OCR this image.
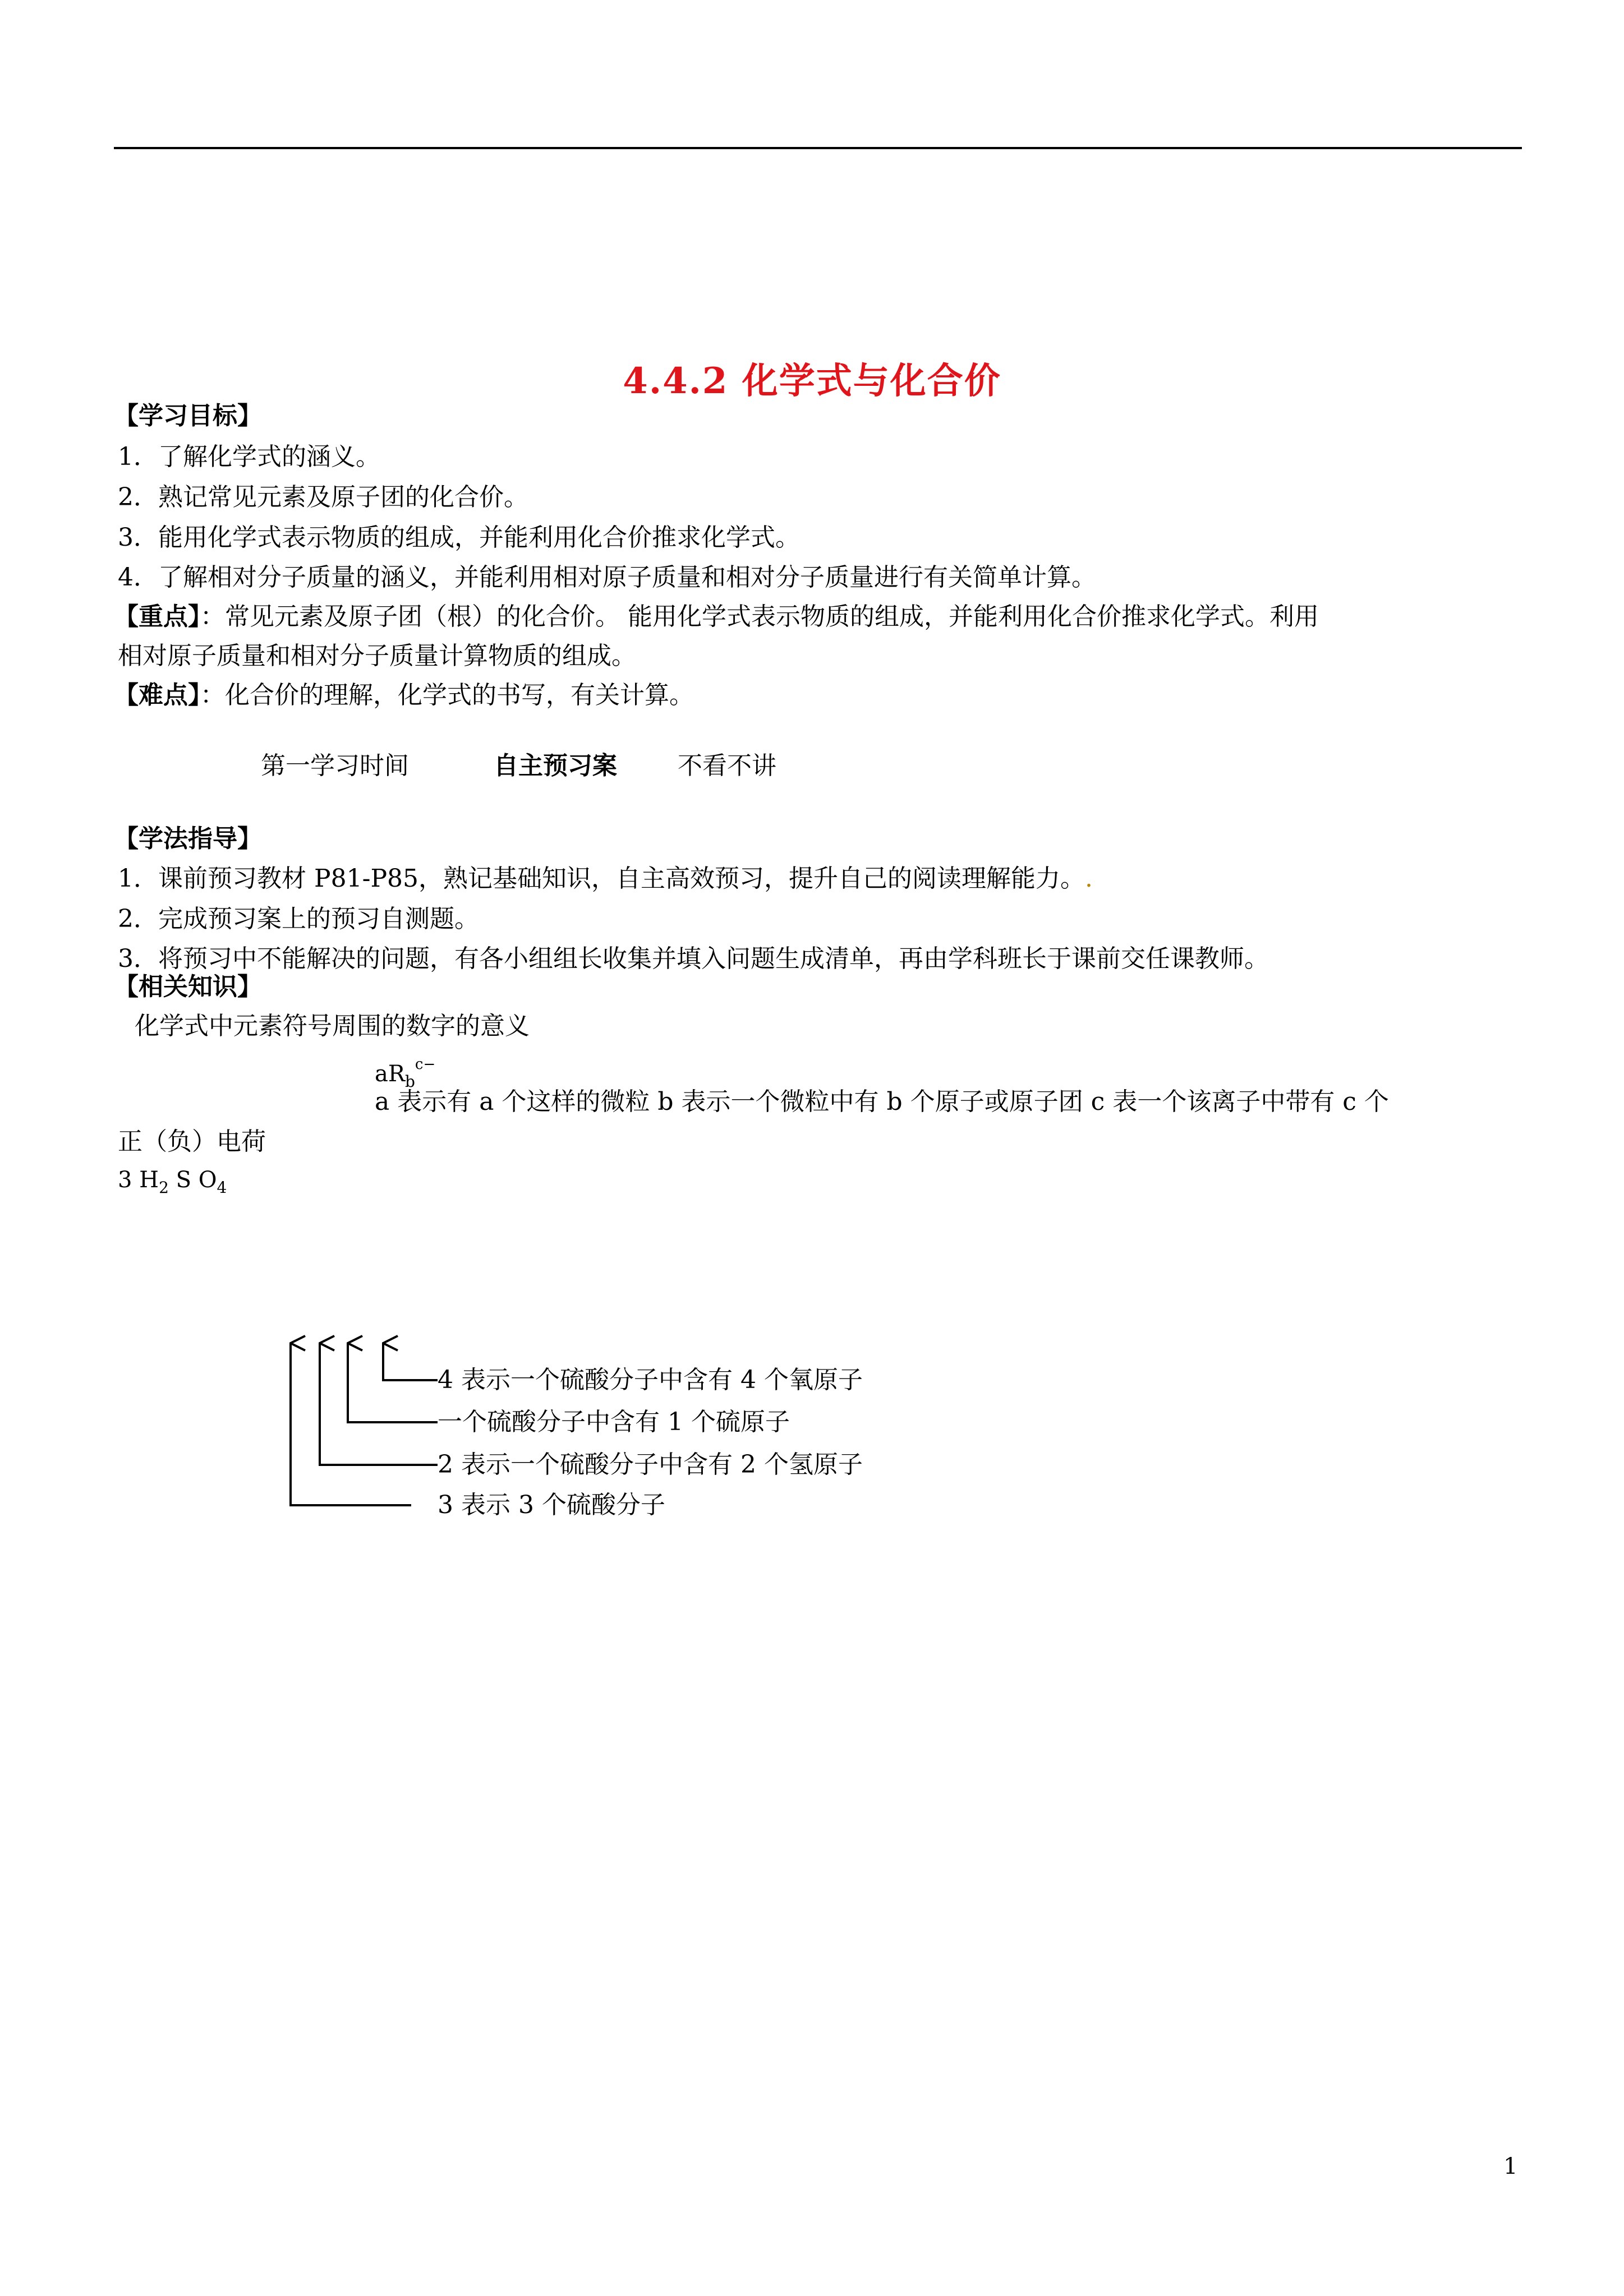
4.4.2 化学式与化合价
【学习目标】
1．了解化学式的涵义。
2．熟记常见元素及原子团的化合价。
3．能用化学式表示物质的组成，并能利用化合价推求化学式。
4．了解相对分子质量的涵义，并能利用相对原子质量和相对分子质量进行有关简单计算。
【重点】：常见元素及原子团（根）的化合价。 能用化学式表示物质的组成，并能利用化合价推求化学式。利用
相对原子质量和相对分子质量计算物质的组成。
【难点】：化合价的理解，化学式的书写，有关计算。
第一学习时间	自主预习案 不看不讲
【学法指导】
1．课前预习教材 P81-P85，熟记基础知识，自主高效预习，提升自己的阅读理解能力。.
2．完成预习案上的预习自测题。
3．将预习中不能解决的问题，有各小组组长收集并填入问题生成清单，再由学科班长于课前交任课教师。
【相关知识】
化学式中元素符号周围的数字的意义
$aR_b^{c-}$
a 表示有 a 个这样的微粒 b 表示一个微粒中有 b 个原子或原子团 c 表一个该离子中带有 c 个
正（负）电荷
3 $H_2$ S $O_4$
4 表示一个硫酸分子中含有 4 个氧原子
一个硫酸分子中含有 1 个硫原子
2 表示一个硫酸分子中含有 2 个氢原子
3 表示 3 个硫酸分子
1
